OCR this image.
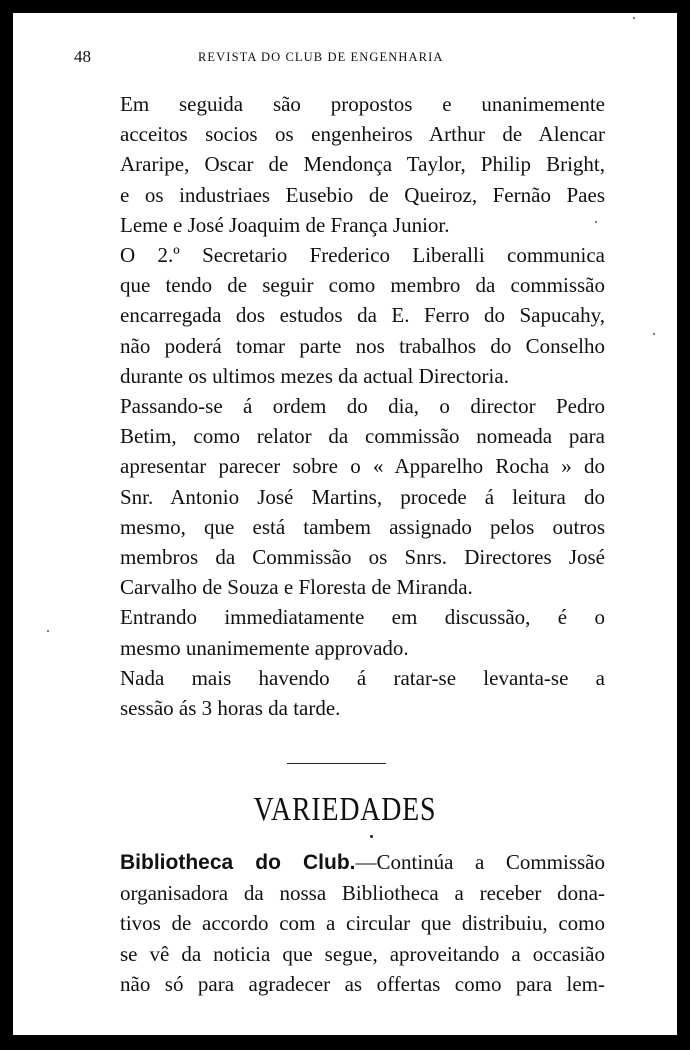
48	REVISTA DO CLUB DE ENGENHARIA

Em seguida são propostos e unanimemente
acceitos socios os engenheiros Arthur de Alencar
Araripe, Oscar de Mendonça Taylor, Philip Bright,
e os industriaes Eusebio de Queiroz, Fernão Paes
Leme e José Joaquim de França Junior.

O 2.º Secretario Frederico Liberalli communica
que tendo de seguir como membro da commissão
encarregada dos estudos da E. Ferro do Sapucahy,
não poderá tomar parte nos trabalhos do Conselho
durante os ultimos mezes da actual Directoria.

Passando-se á ordem do dia, o director Pedro
Betim, como relator da commissão nomeada para
apresentar parecer sobre o « Apparelho Rocha » do
Snr. Antonio José Martins, procede á leitura do
mesmo, que está tambem assignado pelos outros
membros da Commissão os Snrs. Directores José
Carvalho de Souza e Floresta de Miranda.

Entrando immediatamente em discussão, é o
mesmo unanimemente approvado.

Nada mais havendo á ratar-se levanta-se a
sessão ás 3 horas da tarde.

VARIEDADES

Bibliotheca do Club.—Continúa a Commissão
organisadora da nossa Bibliotheca a receber dona-
tivos de accordo com a circular que distribuiu, como
se vê da noticia que segue, aproveitando a occasião
não só para agradecer as offertas como para lem-
